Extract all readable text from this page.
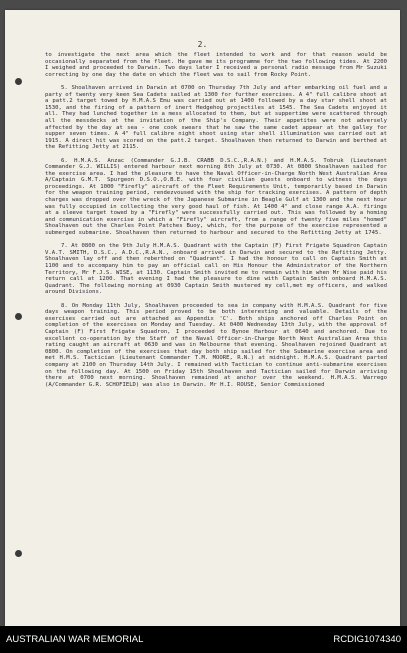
2.

to investigate the next area which the fleet intended to work and for that reason would be occasionally separated from the fleet. He gave me its programme for the two following tides. At 2200 I weighed and proceeded to Darwin. Two days later I received a personal radio message from Mr Suzuki correcting by one day the date on which the fleet was to sail from Rocky Point.

5. Shoalhaven arrived in Darwin at 0700 on Thursday 7th July and after embarking oil fuel and a party of twenty very keen Sea Cadets sailed at 1300 for further exercises. A 4" full calibre shoot at a patt.2 target towed by H.M.A.S Emu was carried out at 1400 followed by a day star shell shoot at 1530, and the firing of a pattern of inert Hedgehog projectiles at 1545. The Sea Cadets enjoyed it all. They had lunched together in a mess allocated to them, but at suppertime were scattered through all the messdecks at the invitation of the Ship's Company. Their appetites were not adversely affected by the day at sea - one cook swears that he saw the same cadet appear at the galley for supper seven times. A 4" full calibre night shoot using star shell illumination was carried out at 1915. A direct hit was scored on the patt.2 target. Shoalhaven then returned to Darwin and berthed at the Refitting Jetty at 2115.

6. H.M.A.S. Anzac (Commander G.J.B. CRABB D.S.C.,R.A.N.) and H.M.A.S. Tobruk (Lieutenant Commander G.J. WILLIS) entered harbour next morning 8th July at 0730. At 0800 Shoalhaven sailed for the exercise area. I had the pleasure to have the Naval Officer-in-Charge North West Australian Area A/Captain G.M.T. Spurgeon D.S.O.,O.B.E. with four civilian guests onboard to witness the days proceedings. At 1000 "Firefly" aircraft of the Fleet Requirements Unit, temporarily based in Darwin for the weapon training period, rendezvoused with the ship for tracking exercises. A pattern of depth charges was dropped over the wreck of the Japanese Submarine in Beagle Gulf at 1300 and the next hour was fully occupied in collecting the very good haul of fish. At 1400 4" and close range A.A. firings at a sleeve target towed by a "Firefly" were successfully carried out. This was followed by a homing and communication exercise in which a "Firefly" aircraft, from a range of twenty five miles "homed" Shoalhaven out the Charles Point Patches Buoy, which, for the purpose of the exercise represented a submerged submarine. Shoalhaven then returned to harbour and secured to the Refitting Jetty at 1745.

7. At 0800 on the 9th July H.M.A.S. Quadrant with the Captain (F) First Frigate Squadron Captain V.A.T. SMITH, D.S.C., A.D.C.,R.A.N., onboard arrived in Darwin and secured to the Refitting Jetty. Shoalhaven lay off and then reberthed on "Quadrant". I had the honour to call on Captain Smith at 1100 and to accompany him to pay an official call on His Honour the Administrator of the Northern Territory, Mr F.J.S. WISE, at 1130. Captain Smith invited me to remain with him when Mr Wise paid his return call at 1200. That evening I had the pleasure to dine with Captain Smith onboard H.M.A.S. Quadrant. The following morning at 0930 Captain Smith mustered my cell,met my officers, and walked around Divisions.

8. On Monday 11th July, Shoalhaven proceeded to sea in company with H.M.A.S. Quadrant for five days weapon training. This period proved to be both interesting and valuable. Details of the exercises carried out are attached as Appendix 'C'. Both ships anchored off Charles Point on completion of the exercises on Monday and Tuesday. At 0400 Wednesday 13th July, with the approval of Captain (F) First Frigate Squadron, I proceeded to Bynoe Harbour at 0640 and anchored. Due to excellent co-operation by the Staff of the Naval Officer-in-Charge North West Australian Area this rating caught an aircraft at 0630 and was in Melbourne that evening. Shoalhaven rejoined Quadrant at 0800. On completion of the exercises that day both ship sailed for the Submarine exercise area and met H.M.S. Tactician (Lieutenant Commander T.M. MOORE, R.N.) at midnight. H.M.A.S. Quadrant parted company at 2100 on Thursday 14th July. I remained with Tactician to continue anti-submarine exercises on the following day. At 1500 on Friday 15th Shoalhaven and Tactician sailed for Darwin arriving there at 0700 next morning. Shoalhaven remained at anchor over the weekend. H.M.A.S. Warrego (A/Commander G.R. SCHOFIELD) was also in Darwin. Mr H.I. ROUSE, Senior Commissioned

AUSTRALIAN WAR MEMORIAL	RCDIG1074340
